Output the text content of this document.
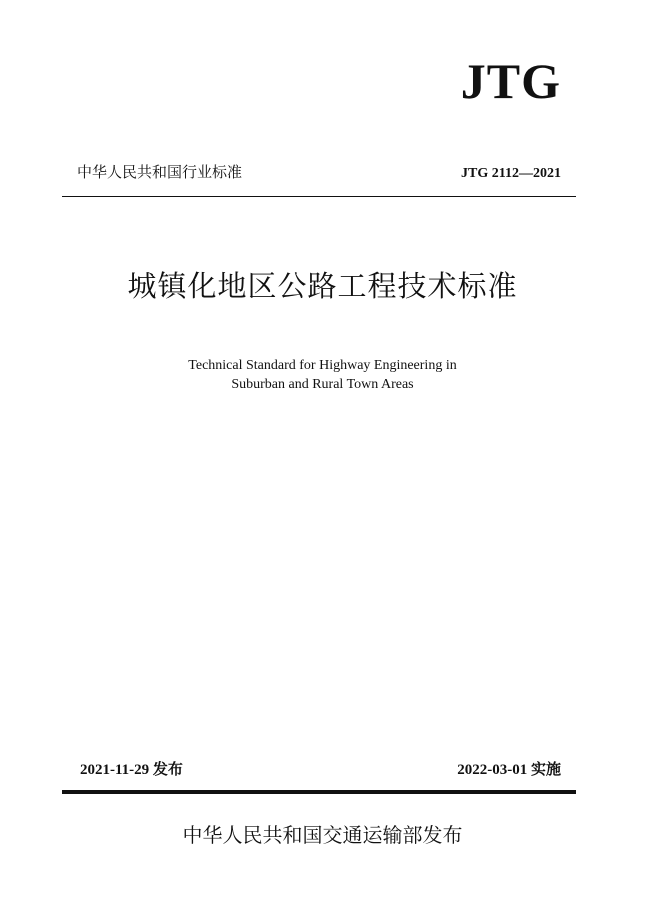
JTG
中华人民共和国行业标准	JTG 2112—2021
城镇化地区公路工程技术标准
Technical Standard for Highway Engineering in
Suburban and Rural Town Areas
2021-11-29 发布	2022-03-01 实施
中华人民共和国交通运输部发布
